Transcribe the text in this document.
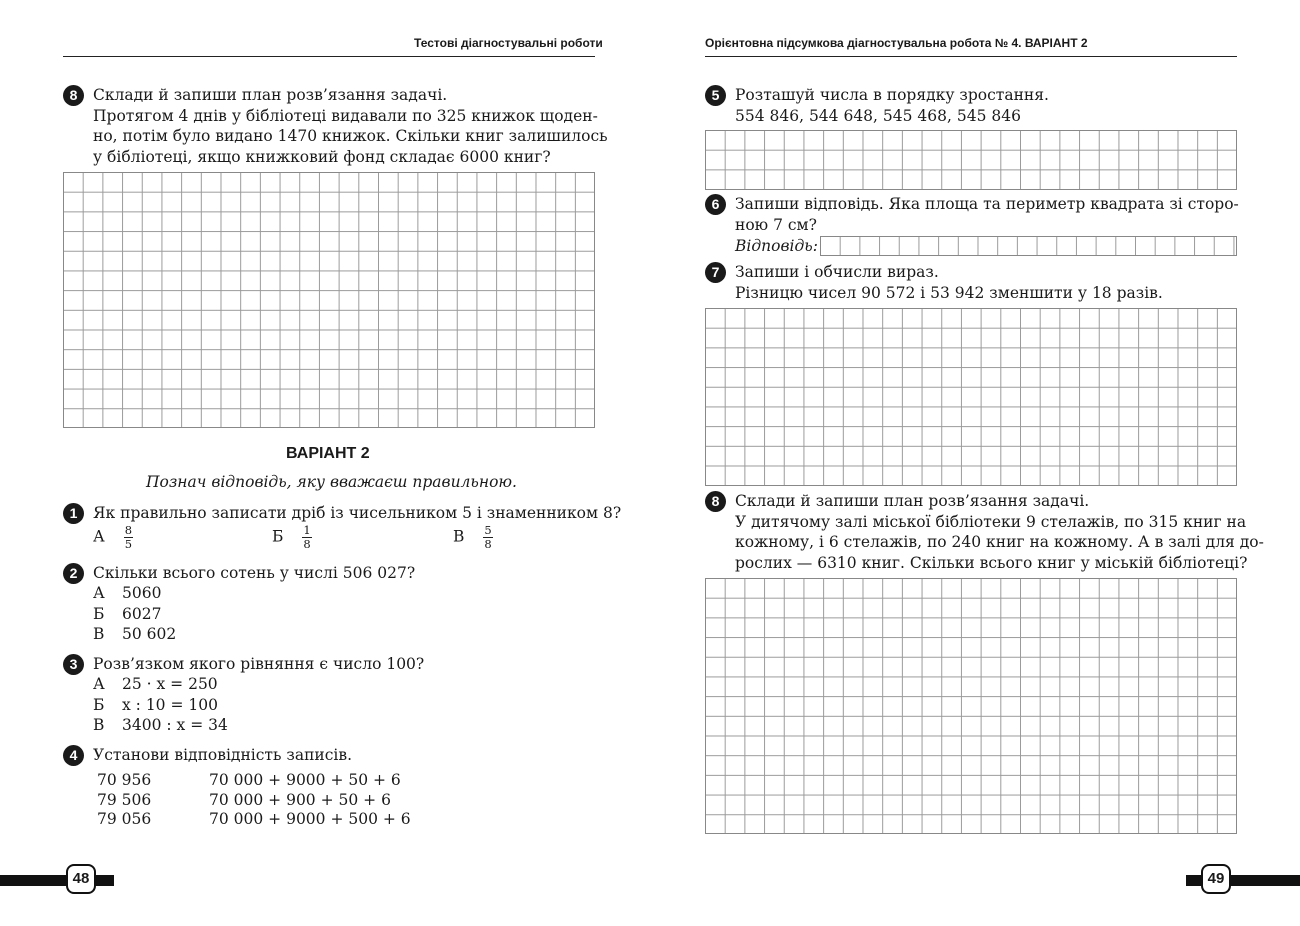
Тестові діагностувальні роботи
8	Склади й запиши план розв’язання задачі.
Протягом 4 днів у бібліотеці видавали по 325 книжок щоден-
но, потім було видано 1470 книжок. Скільки книг залишилось
у бібліотеці, якщо книжковий фонд складає 6000 книг?
ВАРІАНТ 2
Познач відповідь, яку вважаєш правильною.
1	Як правильно записати дріб із чисельником 5 і знаменником 8?
А $\frac{8}{5}$	Б $\frac{1}{8}$	В $\frac{5}{8}$
2	Скільки всього сотень у числі 506 027?
А 5060
Б 6027
В 50 602
3	Розв’язком якого рівняння є число 100?
А 25 · x = 250
Б x : 10 = 100
В 3400 : x = 34
4	Установи відповідність записів.
70 956	70 000 + 9000 + 50 + 6
79 506	70 000 + 900 + 50 + 6
79 056	70 000 + 9000 + 500 + 6
48
Орієнтовна підсумкова діагностувальна робота № 4. ВАРІАНТ 2
5	Розташуй числа в порядку зростання.
554 846, 544 648, 545 468, 545 846
6	Запиши відповідь. Яка площа та периметр квадрата зі сторо-
ною 7 см?
Відповідь:
7	Запиши і обчисли вираз.
Різницю чисел 90 572 і 53 942 зменшити у 18 разів.
8	Склади й запиши план розв’язання задачі.
У дитячому залі міської бібліотеки 9 стелажів, по 315 книг на
кожному, і 6 стелажів, по 240 книг на кожному. А в залі для до-
рослих — 6310 книг. Скільки всього книг у міській бібліотеці?
49
